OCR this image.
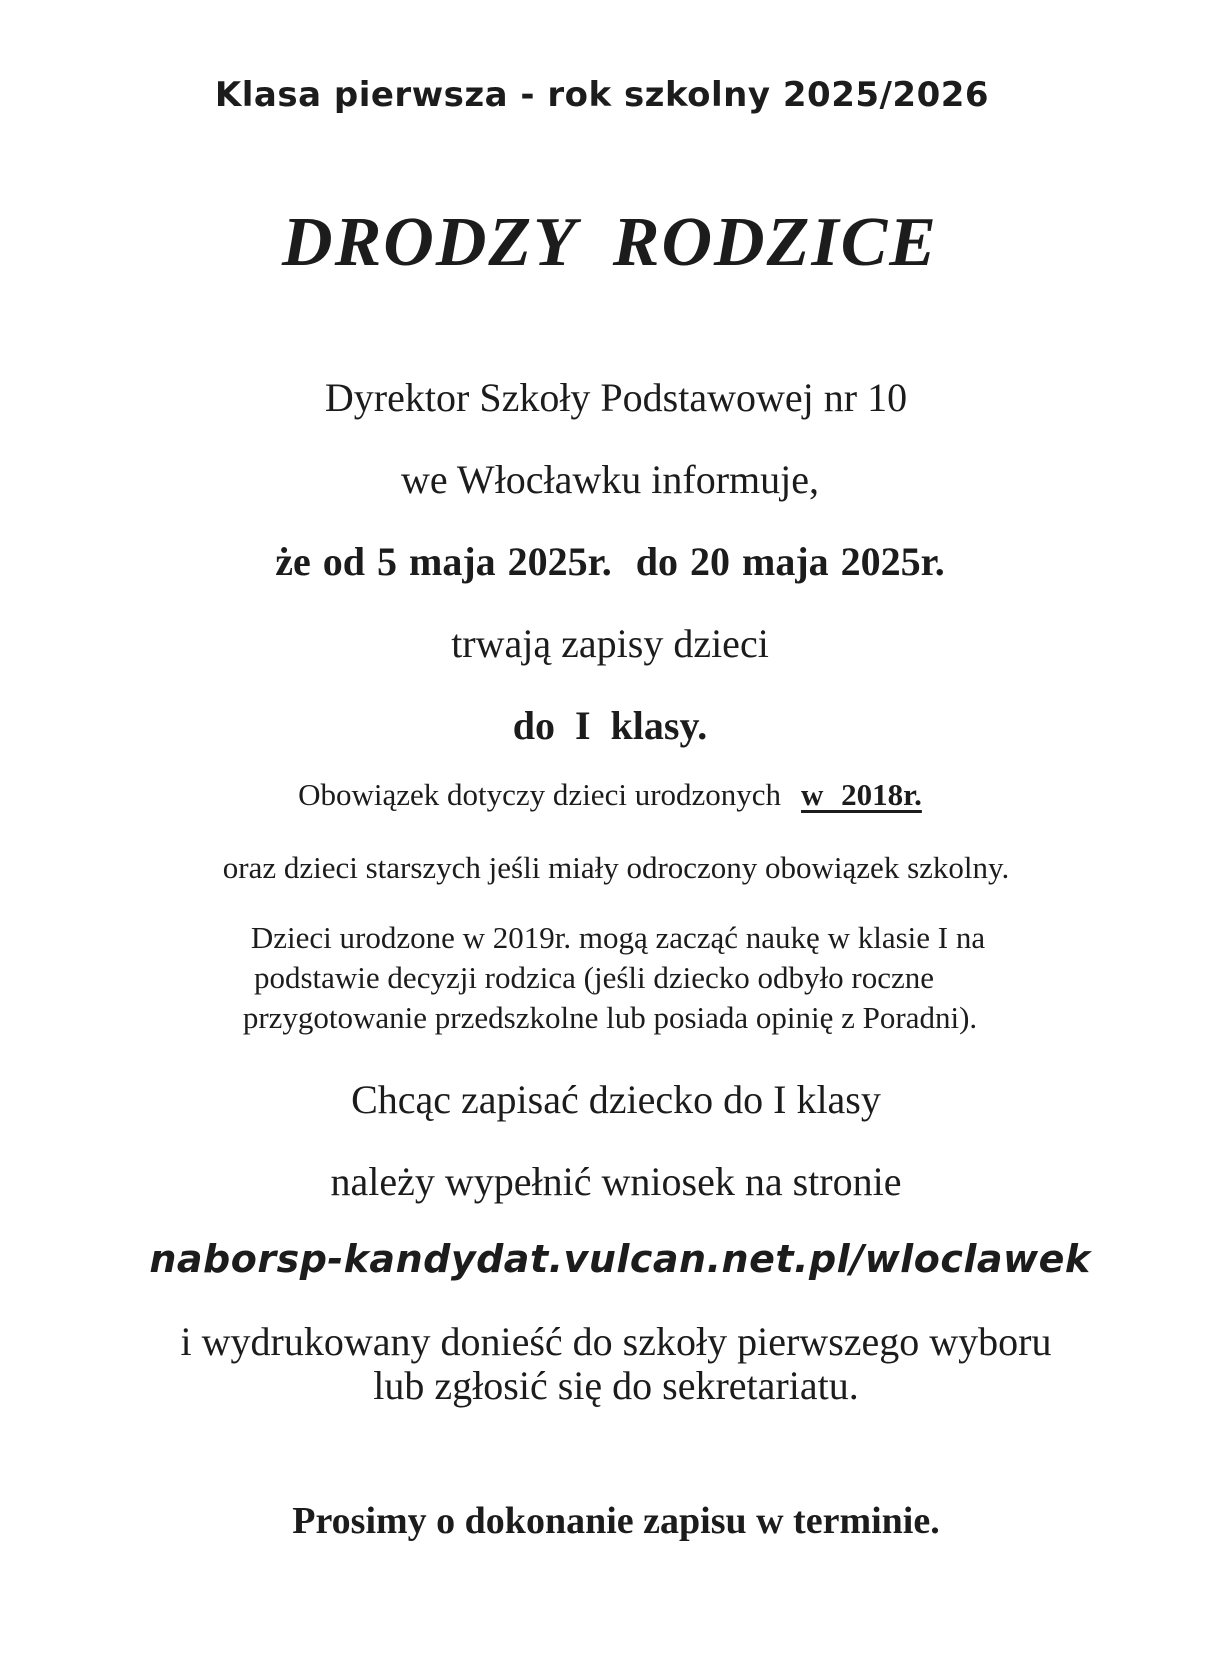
Klasa pierwsza - rok szkolny 2025/2026
DRODZY RODZICE
Dyrektor Szkoły Podstawowej nr 10
we Włocławku informuje,
że od 5 maja 2025r. do 20 maja 2025r.
trwają zapisy dzieci
do I klasy.
Obowiązek dotyczy dzieci urodzonych w 2018r.
oraz dzieci starszych jeśli miały odroczony obowiązek szkolny.
Dzieci urodzone w 2019r. mogą zacząć naukę w klasie I na
podstawie decyzji rodzica (jeśli dziecko odbyło roczne
przygotowanie przedszkolne lub posiada opinię z Poradni).
Chcąc zapisać dziecko do I klasy
należy wypełnić wniosek na stronie
naborsp-kandydat.vulcan.net.pl/wloclawek
i wydrukowany donieść do szkoły pierwszego wyboru
lub zgłosić się do sekretariatu.
Prosimy o dokonanie zapisu w terminie.
